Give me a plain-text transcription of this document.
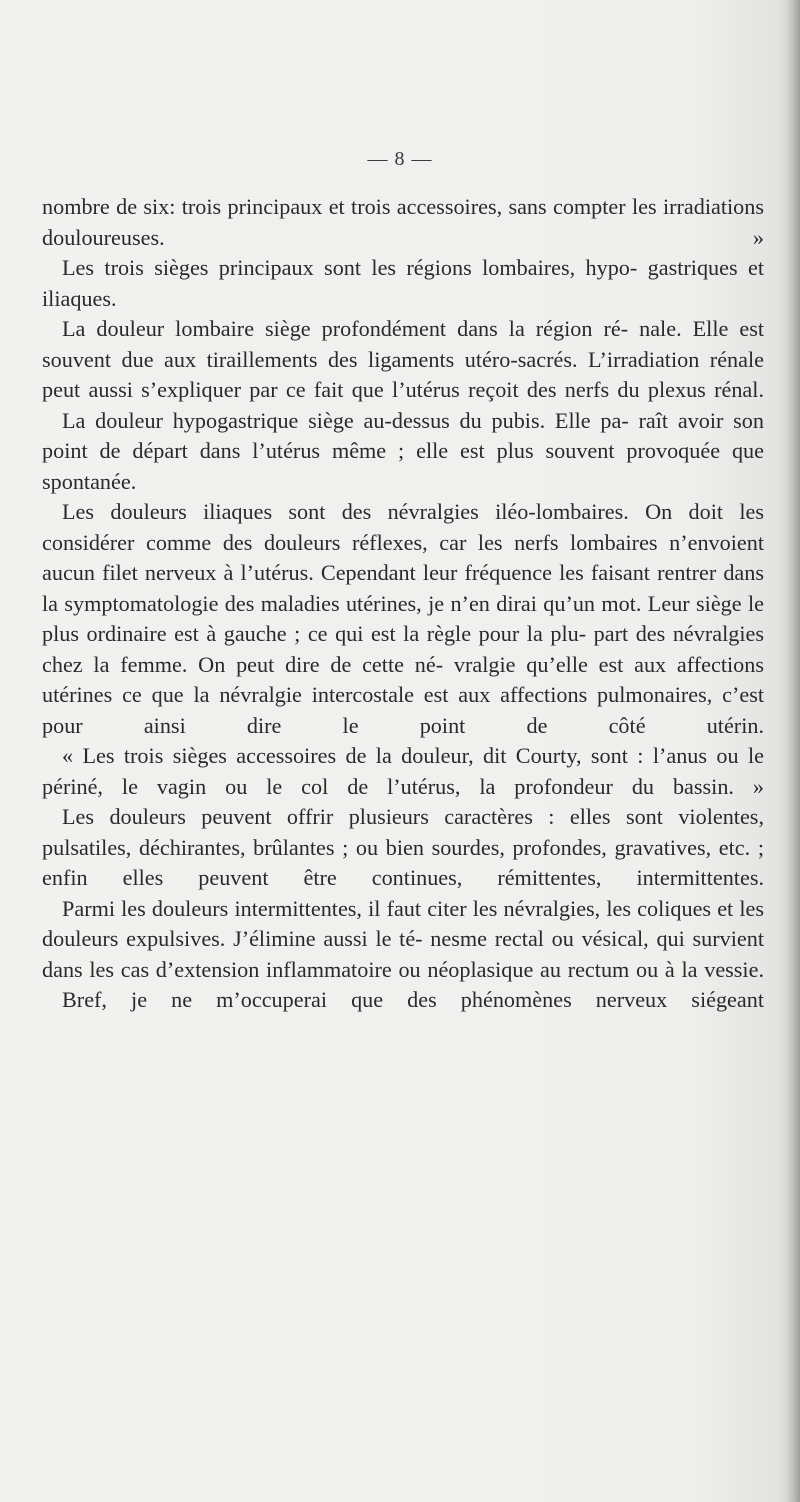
— 8 —

nombre de six: trois principaux et trois accessoires, sans compter les irradiations douloureuses. »

Les trois sièges principaux sont les régions lombaires, hypo- gastriques et iliaques.

La douleur lombaire siège profondément dans la région ré- nale. Elle est souvent due aux tiraillements des ligaments utéro-sacrés. L’irradiation rénale peut aussi s’expliquer par ce fait que l’utérus reçoit des nerfs du plexus rénal.

La douleur hypogastrique siège au-dessus du pubis. Elle pa- raît avoir son point de départ dans l’utérus même ; elle est plus souvent provoquée que spontanée.

Les douleurs iliaques sont des névralgies iléo-lombaires. On doit les considérer comme des douleurs réflexes, car les nerfs lombaires n’envoient aucun filet nerveux à l’utérus. Cependant leur fréquence les faisant rentrer dans la symptomatologie des maladies utérines, je n’en dirai qu’un mot. Leur siège le plus ordinaire est à gauche ; ce qui est la règle pour la plu- part des névralgies chez la femme. On peut dire de cette né- vralgie qu’elle est aux affections utérines ce que la névralgie intercostale est aux affections pulmonaires, c’est pour ainsi dire le point de côté utérin.

« Les trois sièges accessoires de la douleur, dit Courty, sont : l’anus ou le périné, le vagin ou le col de l’utérus, la profondeur du bassin. »

Les douleurs peuvent offrir plusieurs caractères : elles sont violentes, pulsatiles, déchirantes, brûlantes ; ou bien sourdes, profondes, gravatives, etc. ; enfin elles peuvent être continues, rémittentes, intermittentes.

Parmi les douleurs intermittentes, il faut citer les névralgies, les coliques et les douleurs expulsives. J’élimine aussi le té- nesme rectal ou vésical, qui survient dans les cas d’extension inflammatoire ou néoplasique au rectum ou à la vessie.

Bref, je ne m’occuperai que des phénomènes nerveux siégeant
